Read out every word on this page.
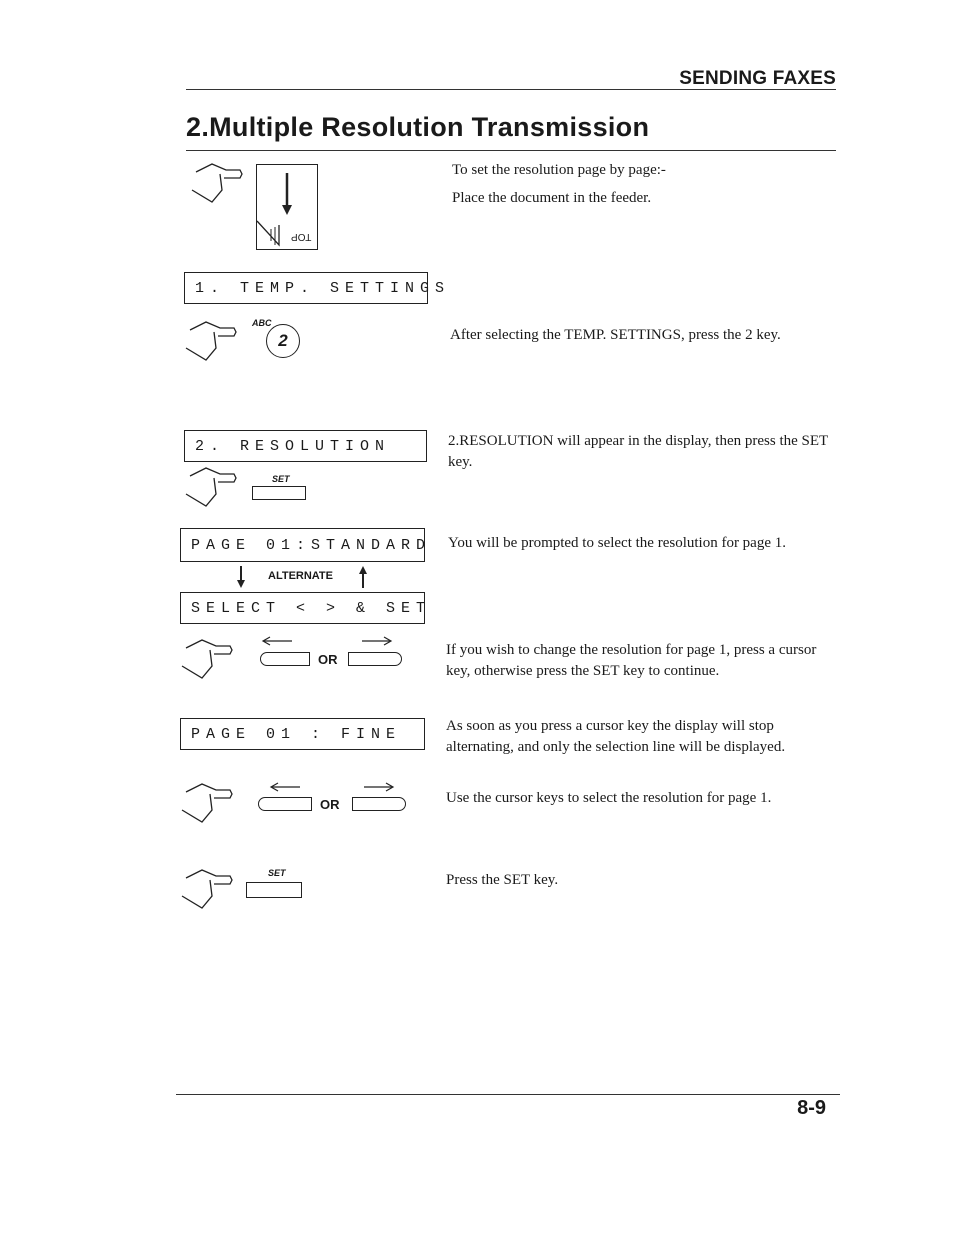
SENDING FAXES
2.Multiple Resolution Transmission
TOP
To set the resolution page by page:-
Place the document in the feeder.
1. TEMP. SETTINGS
ABC
2	After selecting the TEMP. SETTINGS, press the 2 key.
2. RESOLUTION	2.RESOLUTION will appear in the display, then press the SET key.
SET
PAGE 01:STANDARD You will be prompted to select the resolution for page 1.
ALTERNATE
SELECT < > & SET
OR
If you wish to change the resolution for page 1, press a cursor key, otherwise press the SET key to continue.
PAGE 01 : FINE	As soon as you press a cursor key the display will stop alternating, and only the selection line will be displayed.
OR	Use the cursor keys to select the resolution for page 1.
SET	Press the SET key.
8-9
